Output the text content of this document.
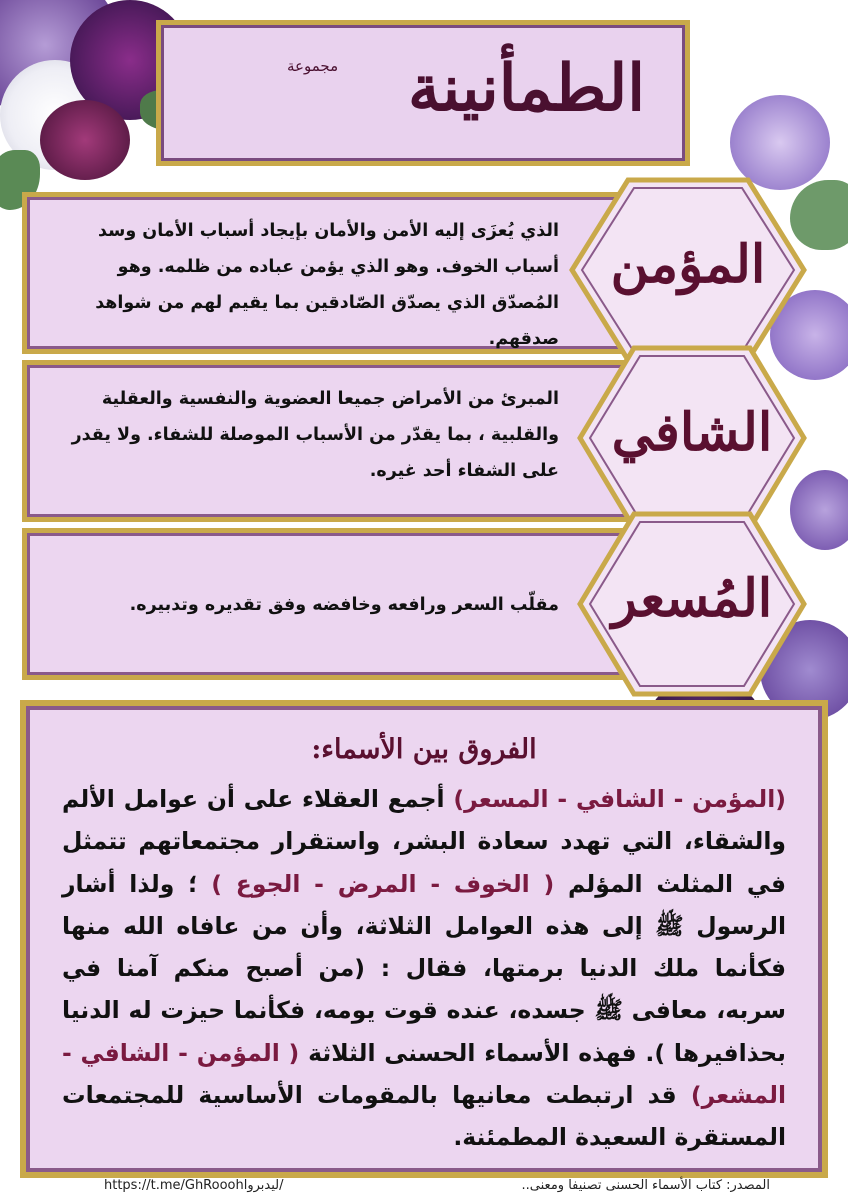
الطمأنينة
مجموعة
الذي يُعزَى إليه الأمن والأمان بإيجاد أسباب الأمان وسد أسباب الخوف. وهو الذي يؤمن عباده من ظلمه. وهو المُصدّق الذي يصدّق الصّادقين بما يقيم لهم من شواهد صدقهم.
المؤمن
المبرئ من الأمراض جميعا العضوية والنفسية والعقلية والقلبية ، بما يقدّر من الأسباب الموصلة للشفاء. ولا يقدر على الشفاء أحد غيره.
الشافي
مقلّب السعر ورافعه وخافضه وفق تقديره وتدبيره.	المُسعر
الفروق بين الأسماء:
(المؤمن - الشافي - المسعر) أجمع العقلاء على أن عوامل الألم والشقاء، التي تهدد سعادة البشر، واستقرار مجتمعاتهم تتمثل في المثلث المؤلم ( الخوف - المرض - الجوع ) ؛ ولذا أشار الرسول ﷺ إلى هذه العوامل الثلاثة، وأن من عافاه الله منها فكأنما ملك الدنيا برمتها، فقال : (من أصبح منكم آمنا في سربه، معافى ﷺ جسده، عنده قوت يومه، فكأنما حيزت له الدنيا بحذافيرها ). فهذه الأسماء الحسنى الثلاثة ( المؤمن - الشافي - المشعر) قد ارتبطت معانيها بالمقومات الأساسية للمجتمعات المستقرة السعيدة المطمئنة.
المصدر: كتاب الأسماء الحسنى تصنيفا ومعنى..
https://t.me/GhRooohليدبروا/
